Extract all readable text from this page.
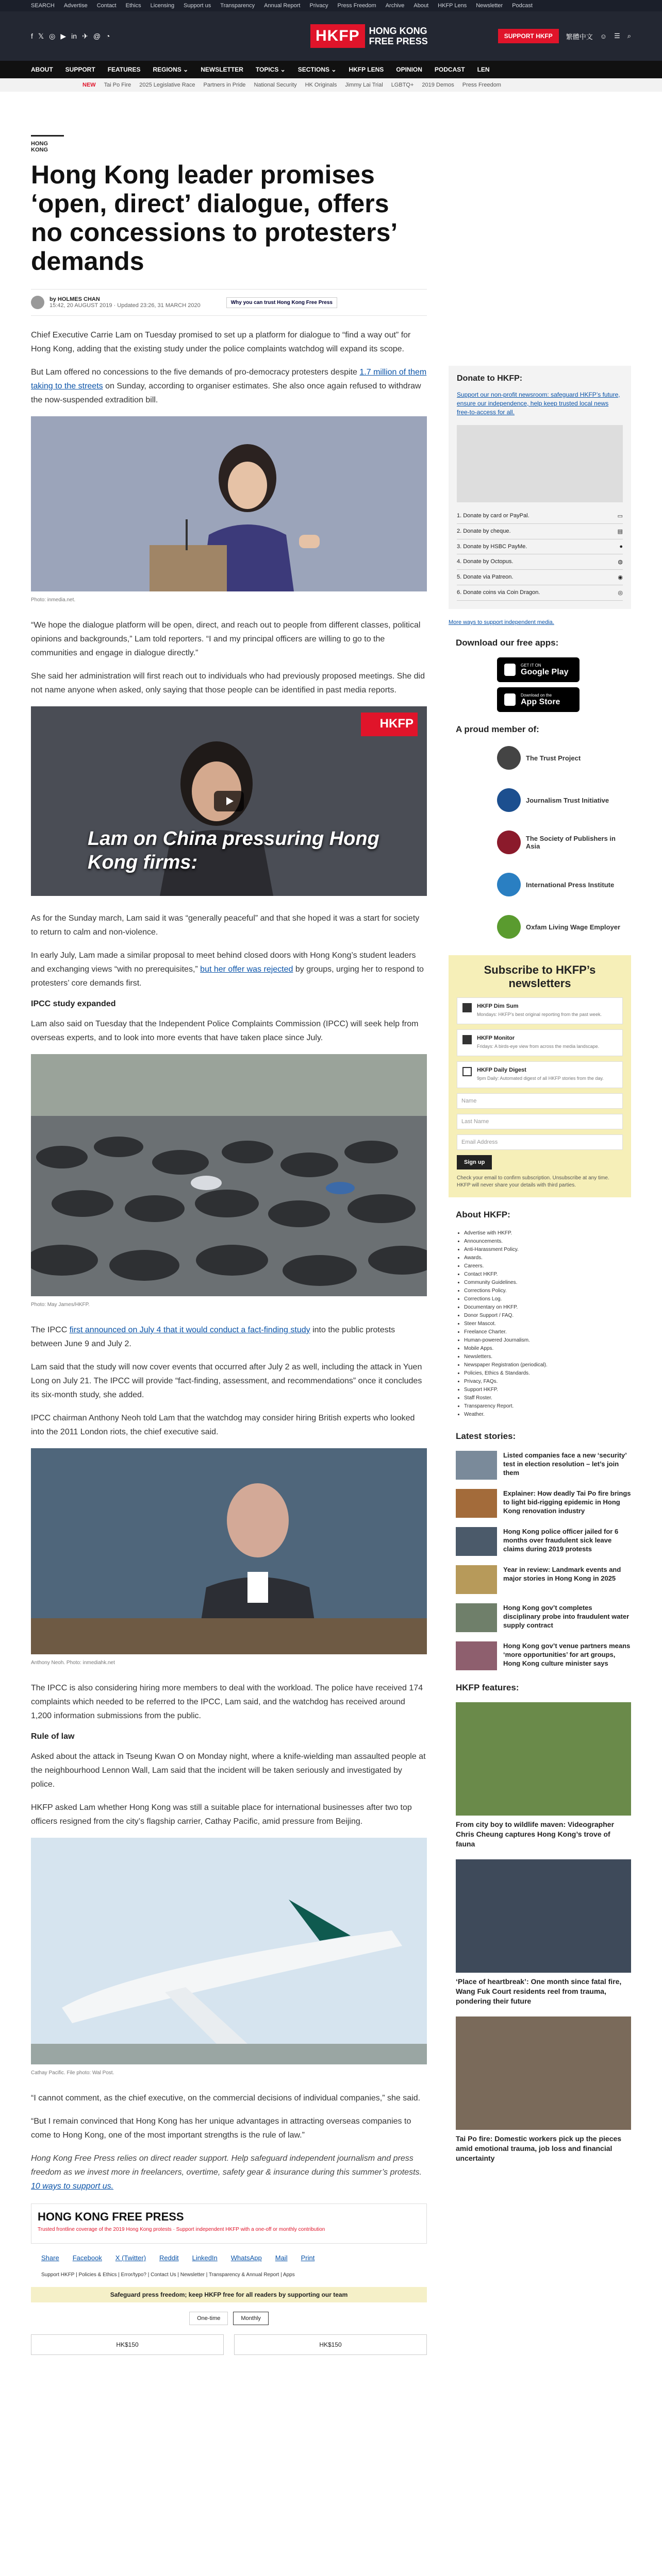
SEARCH Advertise Contact Ethics Licensing Support us Transparency Annual Report Privacy Press Freedom Archive About HKFP Lens Newsletter Podcast
f 𝕏 ◎ ▶ in ✈ @ ◔	HKFP	HONG KONG
FREE PRESS	SUPPORT HKFP	繁體中文 ☺ ☰ ⌕
ABOUT SUPPORT FEATURES REGIONS ⌄ NEWSLETTER TOPICS ⌄ SECTIONS ⌄ HKFP LENS OPINION PODCAST LEN
NEW Tai Po Fire 2025 Legislative Race Partners in Pride National Security HK Originals Jimmy Lai Trial LGBTQ+ 2019 Demos Press Freedom
HONG KONG
Hong Kong leader promises ‘open, direct’ dialogue, offers no concessions to protesters’ demands
by HOLMES CHAN
15:42, 20 AUGUST 2019 · Updated 23:26, 31 MARCH 2020	Why you can trust Hong Kong Free Press

Chief Executive Carrie Lam on Tuesday promised to set up a platform for dialogue to “find a way out” for Hong Kong, adding that the existing study under the police complaints watchdog will expand its scope.

But Lam offered no concessions to the five demands of pro-democracy protesters despite 1.7 million of them taking to the streets on Sunday, according to organiser estimates. She also once again refused to withdraw the now-suspended extradition bill.

Photo: inmedia.net.

“We hope the dialogue platform will be open, direct, and reach out to people from different classes, political opinions and backgrounds,” Lam told reporters. “I and my principal officers are willing to go to the communities and engage in dialogue directly.”

She said her administration will first reach out to individuals who had previously proposed meetings. She did not name anyone when asked, only saying that those people can be identified in past media reports.

HKFP
Lam on China pressuring Hong Kong firms:

As for the Sunday march, Lam said it was “generally peaceful” and that she hoped it was a start for society to return to calm and non-violence.

In early July, Lam made a similar proposal to meet behind closed doors with Hong Kong’s student leaders and exchanging views “with no prerequisites,” but her offer was rejected by groups, urging her to respond to protesters’ core demands first.

IPCC study expanded

Lam also said on Tuesday that the Independent Police Complaints Commission (IPCC) will seek help from overseas experts, and to look into more events that have taken place since July.

Photo: May James/HKFP.

The IPCC first announced on July 4 that it would conduct a fact-finding study into the public protests between June 9 and July 2.

Lam said that the study will now cover events that occurred after July 2 as well, including the attack in Yuen Long on July 21. The IPCC will provide “fact-finding, assessment, and recommendations” once it concludes its six-month study, she added.

IPCC chairman Anthony Neoh told Lam that the watchdog may consider hiring British experts who looked into the 2011 London riots, the chief executive said.

Anthony Neoh. Photo: inmediahk.net

The IPCC is also considering hiring more members to deal with the workload. The police have received 174 complaints which needed to be referred to the IPCC, Lam said, and the watchdog has received around 1,200 information submissions from the public.

Rule of law

Asked about the attack in Tseung Kwan O on Monday night, where a knife-wielding man assaulted people at the neighbourhood Lennon Wall, Lam said that the incident will be taken seriously and investigated by police.

HKFP asked Lam whether Hong Kong was still a suitable place for international businesses after two top officers resigned from the city’s flagship carrier, Cathay Pacific, amid pressure from Beijing.

Cathay Pacific. File photo: Wal Post.

“I cannot comment, as the chief executive, on the commercial decisions of individual companies,” she said.

“But I remain convinced that Hong Kong has her unique advantages in attracting overseas companies to come to Hong Kong, one of the most important strengths is the rule of law.”

Hong Kong Free Press relies on direct reader support. Help safeguard independent journalism and press freedom as we invest more in freelancers, overtime, safety gear & insurance during this summer’s protests. 10 ways to support us.

HONG KONG FREE PRESS
Trusted frontline coverage of the 2019 Hong Kong protests · Support independent HKFP with a one-off or monthly contribution
Share Facebook X (Twitter) Reddit LinkedIn WhatsApp Mail Print
Support HKFP | Policies & Ethics | Error/typo? | Contact Us | Newsletter | Transparency & Annual Report | Apps
Safeguard press freedom; keep HKFP free for all readers by supporting our team
One-time	Monthly
HK$150	HK$150
Donate to HKFP:
Support our non-profit newsroom: safeguard HKFP’s future, ensure our independence, help keep trusted local news free-to-access for all.
1. Donate by card or PayPal.	▭
2. Donate by cheque.	▤
3. Donate by HSBC PayMe.	●
4. Donate by Octopus.	◍
5. Donate via Patreon.	◉
6. Donate coins via Coin Dragon.	◎
More ways to support independent media.
Download our free apps:
GET IT ON
Google Play
Download on the
App Store
A proud member of:
The Trust Project
Journalism Trust Initiative
The Society of Publishers in Asia
International Press Institute
Oxfam Living Wage Employer
Subscribe to HKFP’s newsletters
HKFP Dim Sum
Mondays: HKFP’s best original reporting from the past week.
HKFP Monitor
Fridays: A birds-eye view from across the media landscape.
HKFP Daily Digest
9pm Daily: Automated digest of all HKFP stories from the day.
Name
Last Name
Email Address
Sign up
Check your email to confirm subscription. Unsubscribe at any time. HKFP will never share your details with third parties.
About HKFP:
• Advertise with HKFP.
• Announcements.
• Anti-Harassment Policy.
• Awards.
• Careers.
• Contact HKFP.
• Community Guidelines.
• Corrections Policy.
• Corrections Log.
• Documentary on HKFP.
• Donor Support / FAQ.
• Steer Mascot.
• Freelance Charter.
• Human-powered Journalism.
• Mobile Apps.
• Newsletters.
• Newspaper Registration (periodical).
• Policies, Ethics & Standards.
• Privacy, FAQs.
• Support HKFP.
• Staff Roster.
• Transparency Report.
• Weather.
Latest stories:
Listed companies face a new ‘security’ test in election resolution – let’s join them
Explainer: How deadly Tai Po fire brings to light bid-rigging epidemic in Hong Kong renovation industry
Hong Kong police officer jailed for 6 months over fraudulent sick leave claims during 2019 protests
Year in review: Landmark events and major stories in Hong Kong in 2025
Hong Kong gov’t completes disciplinary probe into fraudulent water supply contract
Hong Kong gov’t venue partners means ‘more opportunities’ for art groups, Hong Kong culture minister says
HKFP features:
From city boy to wildlife maven: Videographer Chris Cheung captures Hong Kong’s trove of fauna
‘Place of heartbreak’: One month since fatal fire, Wang Fuk Court residents reel from trauma, pondering their future
Tai Po fire: Domestic workers pick up the pieces amid emotional trauma, job loss and financial uncertainty
